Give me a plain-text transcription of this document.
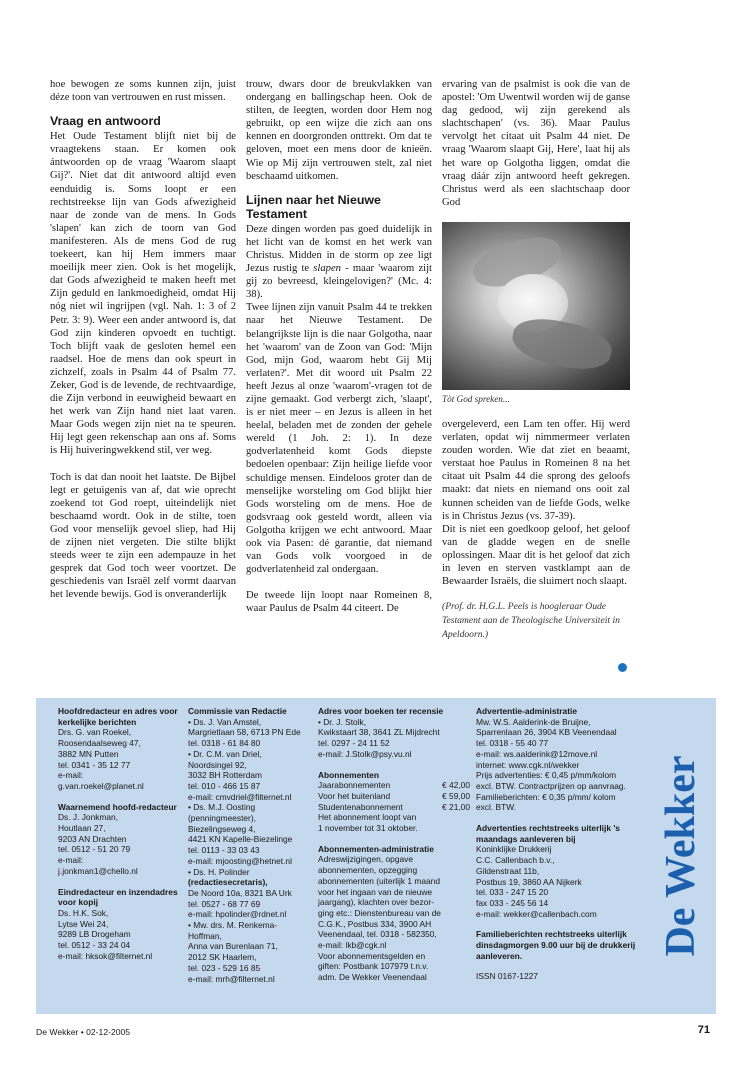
hoe bewogen ze soms kunnen zijn, juist déze toon van vertrouwen en rust missen.

Vraag en antwoord

Het Oude Testament blijft niet bij de vraagtekens staan. Er komen ook ántwoorden op de vraag 'Waarom slaapt Gij?'. Niet dat dit antwoord altijd even eenduidig is. Soms loopt er een rechtstreekse lijn van Gods afwezigheid naar de zonde van de mens. In Gods 'slapen' kan zich de toorn van God manifesteren. Als de mens God de rug toekeert, kan hij Hem immers maar moeilijk meer zien. Ook is het mogelijk, dat Gods afwezigheid te maken heeft met Zijn geduld en lankmoedigheid, omdat Hij nóg niet wil ingrijpen (vgl. Nah. 1: 3 of 2 Petr. 3: 9). Weer een ander antwoord is, dat God zijn kinderen opvoedt en tuchtigt. Toch blijft vaak de gesloten hemel een raadsel. Hoe de mens dan ook speurt in zichzelf, zoals in Psalm 44 of Psalm 77. Zeker, God is de levende, de rechtvaardige, die Zijn verbond in eeuwigheid bewaart en het werk van Zijn hand niet laat varen. Maar Gods wegen zijn niet na te speuren. Hij legt geen rekenschap aan ons af. Soms is Hij huiveringwekkend stil, ver weg.

Toch is dat dan nooit het laatste. De Bijbel legt er getuigenis van af, dat wie oprecht zoekend tot God roept, uiteindelijk niet beschaamd wordt. Ook in de stilte, toen God voor menselijk gevoel sliep, had Hij de zijnen niet vergeten. Die stilte blijkt steeds weer te zijn een adempauze in het gesprek dat God toch weer voortzet. De geschiedenis van Israël zelf vormt daarvan het levende bewijs. God is onveranderlijk

trouw, dwars door de breukvlakken van ondergang en ballingschap heen. Ook de stilten, de leegten, worden door Hem nog gebruikt, op een wijze die zich aan ons kennen en doorgronden onttrekt. Om dat te geloven, moet een mens door de knieën. Wie op Mij zijn vertrouwen stelt, zal niet beschaamd uitkomen.

Lijnen naar het Nieuwe Testament

Deze dingen worden pas goed duidelijk in het licht van de komst en het werk van Christus. Midden in de storm op zee ligt Jezus rustig te slapen - maar 'waarom zijt gij zo bevreesd, kleingelovigen?' (Mc. 4: 38).

Twee lijnen zijn vanuit Psalm 44 te trekken naar het Nieuwe Testament. De belangrijkste lijn is die naar Golgotha, naar het 'waarom' van de Zoon van God: 'Mijn God, mijn God, waarom hebt Gij Mij verlaten?'. Met dit woord uit Psalm 22 heeft Jezus al onze 'waarom'-vragen tot de zijne gemaakt. God verbergt zich, 'slaapt', is er niet meer – en Jezus is alleen in het heelal, beladen met de zonden der gehele wereld (1 Joh. 2: 1). In deze godverlatenheid komt Gods diepste bedoelen openbaar: Zijn heilige liefde voor schuldige mensen. Eindeloos groter dan de menselijke worsteling om God blijkt hier Gods worsteling om de mens. Hoe de godsvraag ook gesteld wordt, alleen via Golgotha krijgen we echt antwoord. Maar ook via Pasen: dé garantie, dat niemand van Gods volk voorgoed in de godverlatenheid zal ondergaan.

De tweede lijn loopt naar Romeinen 8, waar Paulus de Psalm 44 citeert. De

ervaring van de psalmist is ook die van de apostel: 'Om Uwentwil worden wij de ganse dag gedood, wij zijn gerekend als slachtschapen' (vs. 36). Maar Paulus vervolgt het citaat uit Psalm 44 niet. De vraag 'Waarom slaapt Gij, Here', laat hij als het ware op Golgotha liggen, omdat die vraag dáár zijn antwoord heeft gekregen. Christus werd als een slachtschaap door God

Tòt God spreken...

overgeleverd, een Lam ten offer. Hij werd verlaten, opdat wij nimmermeer verlaten zouden worden. Wie dat ziet en beaamt, verstaat hoe Paulus in Romeinen 8 na het citaat uit Psalm 44 die sprong des geloofs maakt: dat niets en niemand ons ooit zal kunnen scheiden van de liefde Gods, welke is in Christus Jezus (vs. 37-39).

Dit is niet een goedkoop geloof, het geloof van de gladde wegen en de snelle oplossingen. Maar dit is het geloof dat zich in leven en sterven vastklampt aan de Bewaarder Israëls, die sluimert noch slaapt.

(Prof. dr. H.G.L. Peels is hoogleraar Oude Testament aan de Theologische Universiteit in Apeldoorn.)

Hoofdredacteur en adres voor kerkelijke berichten

Drs. G. van Roekel,

Roosendaalseweg 47,

3882 MN Putten

tel. 0341 - 35 12 77

e-mail:

g.van.roekel@planet.nl

Waarnemend hoofd-redacteur

Ds. J. Jonkman,

Houtlaan 27,

9203 AN Drachten

tel. 0512 - 51 20 79

e-mail:

j.jonkman1@chello.nl

Eindredacteur en inzendadres voor kopij

Ds. H.K. Sok,

Lytse Wei 24,

9289 LB Drogeham

tel. 0512 - 33 24 04

e-mail: hksok@filternet.nl

Commissie van Redactie

• Ds. J. Van Amstel,

Margrietlaan 58, 6713 PN Ede

tel. 0318 - 61 84 80

• Dr. C.M. van Driel,

Noordsingel 92,

3032 BH Rotterdam

tel. 010 - 466 15 87

e-mail: cmvdriel@filternet.nl

• Ds. M.J. Oosting

(penningmeester),

Biezelingseweg 4,

4421 KN Kapelle-Biezelinge

tel. 0113 - 33 03 43

e-mail: mjoosting@hetnet.nl

• Ds. H. Polinder

(redactiesecretaris),

De Noord 10a, 8321 BA Urk

tel. 0527 - 68 77 69

e-mail: hpolinder@rdnet.nl

• Mw. drs. M. Renkema-

Hoffman,

Anna van Burenlaan 71,

2012 SK Haarlem,

tel. 023 - 529 16 85

e-mail: mrh@filternet.nl

Adres voor boeken ter recensie

• Dr. J. Stolk,

Kwikstaart 38, 3641 ZL Mijdrecht

tel. 0297 - 24 11 52

e-mail: J.Stolk@psy.vu.nl

Abonnementen

Jaarabonnementen	€ 42,00
Voor het buitenland	€ 59,00
Studentenabonnement	€ 21,00

Het abonnement loopt van

1 november tot 31 oktober.

Abonnementen-administratie

Adreswijzigingen, opgave

abonnementen, opzegging

abonnementen (uiterlijk 1 maand

voor het ingaan van de nieuwe

jaargang), klachten over bezor-

ging etc.: Dienstenbureau van de

C.G.K., Postbus 334, 3900 AH

Veenendaal, tel. 0318 - 582350,

e-mail: lkb@cgk.nl

Voor abonnementsgelden en

giften: Postbank 107979 t.n.v.

adm. De Wekker Veenendaal

Advertentie-administratie

Mw. W.S. Aalderink-de Bruijne,

Sparrenlaan 26, 3904 KB Veenendaal

tel. 0318 - 55 40 77

e-mail: ws.aalderink@12move.nl

internet: www.cgk.nl/wekker

Prijs advertenties: € 0,45 p/mm/kolom

excl. BTW. Contractprijzen op aanvraag.

Familieberichten: € 0,35 p/mm/ kolom

excl. BTW.

Advertenties rechtstreeks uiterlijk 's maandags aanleveren bij

Koninklijke Drukkerij

C.C. Callenbach b.v.,

Gildenstraat 11b,

Postbus 19, 3860 AA Nijkerk

tel. 033 - 247 15 20

fax 033 - 245 56 14

e-mail: wekker@callenbach.com

Familieberichten rechtstreeks uiterlijk dinsdagmorgen 9.00 uur bij de drukkerij aanleveren.

ISSN 0167-1227

De Wekker
De Wekker • 02-12-2005	71
